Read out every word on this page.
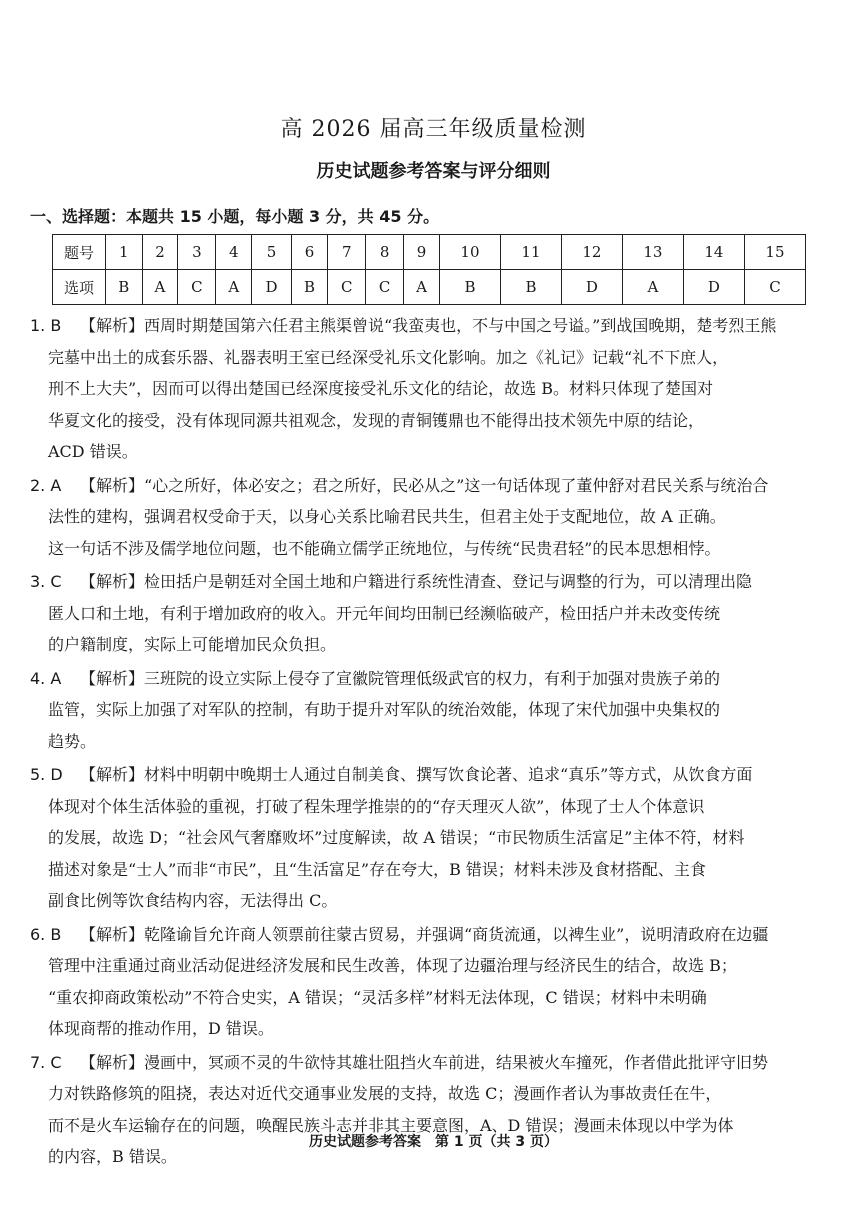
高 2026 届高三年级质量检测
历史试题参考答案与评分细则
一、选择题：本题共 15 小题，每小题 3 分，共 45 分。
题号	1	2	3	4	5	6	7	8	9	10	11	12	13	14	15
选项	B	A	C	A	D	B	C	C	A	B	B	D	A	D	C
1. B 【解析】西周时期楚国第六任君主熊渠曾说“我蛮夷也，不与中国之号谥。”到战国晚期，楚考烈王熊
完墓中出土的成套乐器、礼器表明王室已经深受礼乐文化影响。加之《礼记》记载“礼不下庶人，
刑不上大夫”，因而可以得出楚国已经深度接受礼乐文化的结论，故选 B。材料只体现了楚国对
华夏文化的接受，没有体现同源共祖观念，发现的青铜镬鼎也不能得出技术领先中原的结论，
ACD 错误。
2. A 【解析】“心之所好，体必安之；君之所好，民必从之”这一句话体现了董仲舒对君民关系与统治合
法性的建构，强调君权受命于天，以身心关系比喻君民共生，但君主处于支配地位，故 A 正确。
这一句话不涉及儒学地位问题，也不能确立儒学正统地位，与传统“民贵君轻”的民本思想相悖。
3. C 【解析】检田括户是朝廷对全国土地和户籍进行系统性清查、登记与调整的行为，可以清理出隐
匿人口和土地，有利于增加政府的收入。开元年间均田制已经濒临破产，检田括户并未改变传统
的户籍制度，实际上可能增加民众负担。
4. A 【解析】三班院的设立实际上侵夺了宣徽院管理低级武官的权力，有利于加强对贵族子弟的
监管，实际上加强了对军队的控制，有助于提升对军队的统治效能，体现了宋代加强中央集权的
趋势。
5. D 【解析】材料中明朝中晚期士人通过自制美食、撰写饮食论著、追求“真乐”等方式，从饮食方面
体现对个体生活体验的重视，打破了程朱理学推崇的的“存天理灭人欲”，体现了士人个体意识
的发展，故选 D；“社会风气奢靡败坏”过度解读，故 A 错误；“市民物质生活富足”主体不符，材料
描述对象是“士人”而非“市民”，且“生活富足”存在夸大，B 错误；材料未涉及食材搭配、主食
副食比例等饮食结构内容，无法得出 C。
6. B 【解析】乾隆谕旨允许商人领票前往蒙古贸易，并强调“商货流通，以裨生业”，说明清政府在边疆
管理中注重通过商业活动促进经济发展和民生改善，体现了边疆治理与经济民生的结合，故选 B；
“重农抑商政策松动”不符合史实，A 错误；“灵活多样”材料无法体现，C 错误；材料中未明确
体现商帮的推动作用，D 错误。
7. C 【解析】漫画中，冥顽不灵的牛欲恃其雄壮阻挡火车前进，结果被火车撞死，作者借此批评守旧势
力对铁路修筑的阻挠，表达对近代交通事业发展的支持，故选 C；漫画作者认为事故责任在牛，
而不是火车运输存在的问题，唤醒民族斗志并非其主要意图，A、D 错误；漫画未体现以中学为体
的内容，B 错误。
历史试题参考答案　第 1 页（共 3 页）
